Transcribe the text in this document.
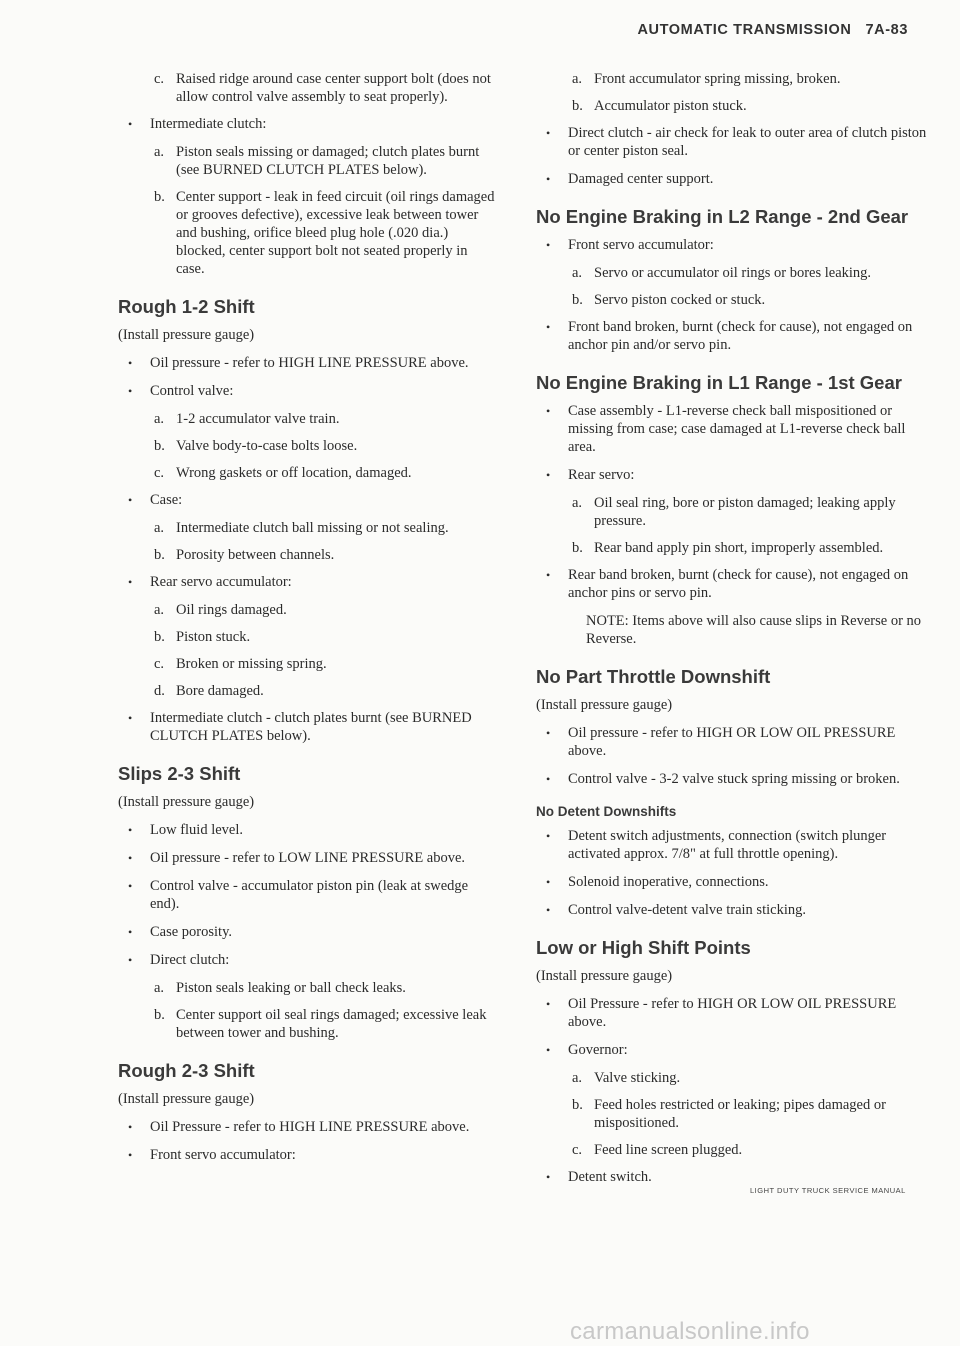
AUTOMATIC TRANSMISSION 7A-83

c. Raised ridge around case center support bolt (does not allow control valve assembly to seat properly).

• Intermediate clutch:

a. Piston seals missing or damaged; clutch plates burnt (see BURNED CLUTCH PLATES below).

b. Center support - leak in feed circuit (oil rings damaged or grooves defective), excessive leak between tower and bushing, orifice bleed plug hole (.020 dia.) blocked, center support bolt not seated properly in case.

Rough 1-2 Shift

(Install pressure gauge)

• Oil pressure - refer to HIGH LINE PRESSURE above.

• Control valve:

a. 1-2 accumulator valve train.

b. Valve body-to-case bolts loose.

c. Wrong gaskets or off location, damaged.

• Case:

a. Intermediate clutch ball missing or not sealing.

b. Porosity between channels.

• Rear servo accumulator:

a. Oil rings damaged.

b. Piston stuck.

c. Broken or missing spring.

d. Bore damaged.

• Intermediate clutch - clutch plates burnt (see BURNED CLUTCH PLATES below).

Slips 2-3 Shift

(Install pressure gauge)

• Low fluid level.

• Oil pressure - refer to LOW LINE PRESSURE above.

• Control valve - accumulator piston pin (leak at swedge end).

• Case porosity.

• Direct clutch:

a. Piston seals leaking or ball check leaks.

b. Center support oil seal rings damaged; excessive leak between tower and bushing.

Rough 2-3 Shift

(Install pressure gauge)

• Oil Pressure - refer to HIGH LINE PRESSURE above.

• Front servo accumulator:

a. Front accumulator spring missing, broken.

b. Accumulator piston stuck.

• Direct clutch - air check for leak to outer area of clutch piston or center piston seal.

• Damaged center support.

No Engine Braking in L2 Range - 2nd Gear

• Front servo accumulator:

a. Servo or accumulator oil rings or bores leaking.

b. Servo piston cocked or stuck.

• Front band broken, burnt (check for cause), not engaged on anchor pin and/or servo pin.

No Engine Braking in L1 Range - 1st Gear

• Case assembly - L1-reverse check ball mispositioned or missing from case; case damaged at L1-reverse check ball area.

• Rear servo:

a. Oil seal ring, bore or piston damaged; leaking apply pressure.

b. Rear band apply pin short, improperly assembled.

• Rear band broken, burnt (check for cause), not engaged on anchor pins or servo pin.

NOTE: Items above will also cause slips in Reverse or no Reverse.

No Part Throttle Downshift

(Install pressure gauge)

• Oil pressure - refer to HIGH OR LOW OIL PRESSURE above.

• Control valve - 3-2 valve stuck spring missing or broken.

No Detent Downshifts

• Detent switch adjustments, connection (switch plunger activated approx. 7/8" at full throttle opening).

• Solenoid inoperative, connections.

• Control valve-detent valve train sticking.

Low or High Shift Points

(Install pressure gauge)

• Oil Pressure - refer to HIGH OR LOW OIL PRESSURE above.

• Governor:

a. Valve sticking.

b. Feed holes restricted or leaking; pipes damaged or mispositioned.

c. Feed line screen plugged.

• Detent switch.

LIGHT DUTY TRUCK SERVICE MANUAL
carmanualsonline.info
